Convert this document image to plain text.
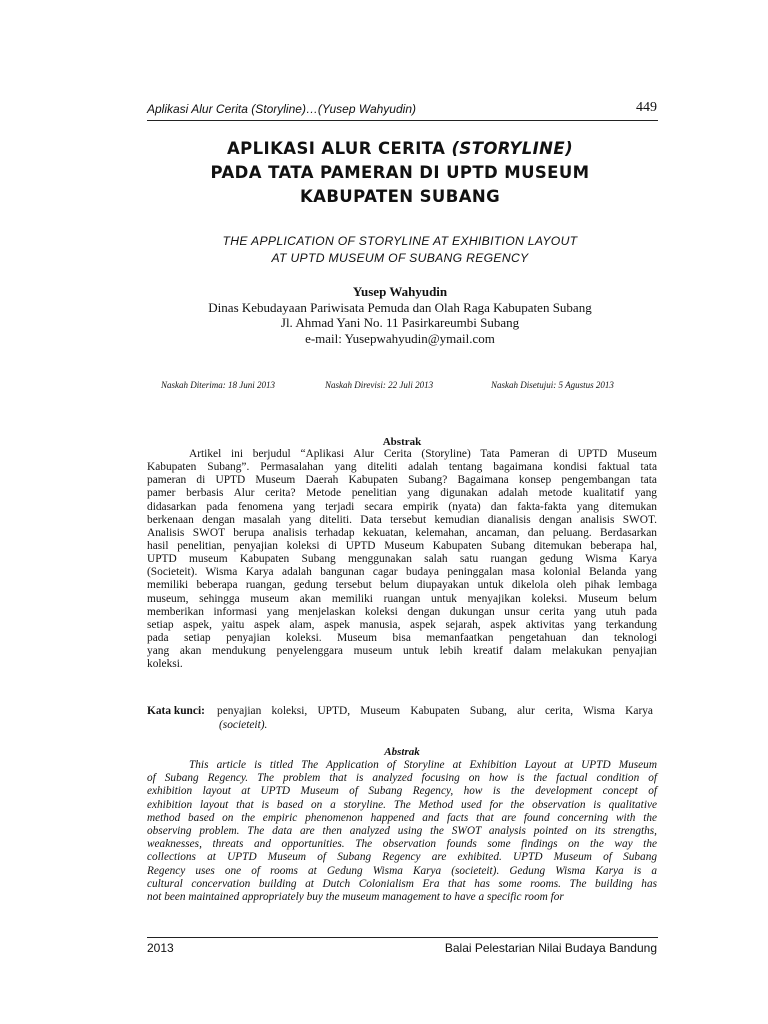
Aplikasi Alur Cerita (Storyline)…(Yusep Wahyudin)	449
APLIKASI ALUR CERITA (STORYLINE)
PADA TATA PAMERAN DI UPTD MUSEUM
KABUPATEN SUBANG
THE APPLICATION OF STORYLINE AT EXHIBITION LAYOUT
AT UPTD MUSEUM OF SUBANG REGENCY
Yusep Wahyudin
Dinas Kebudayaan Pariwisata Pemuda dan Olah Raga Kabupaten Subang
Jl. Ahmad Yani No. 11 Pasirkareumbi Subang
e-mail: Yusepwahyudin@ymail.com
Naskah Diterima: 18 Juni 2013	Naskah Direvisi: 22 Juli 2013	Naskah Disetujui: 5 Agustus 2013
Abstrak
Artikel ini berjudul “Aplikasi Alur Cerita (Storyline) Tata Pameran di UPTD Museum
Kabupaten Subang”. Permasalahan yang diteliti adalah tentang bagaimana kondisi faktual tata
pameran di UPTD Museum Daerah Kabupaten Subang? Bagaimana konsep pengembangan tata
pamer berbasis Alur cerita? Metode penelitian yang digunakan adalah metode kualitatif yang
didasarkan pada fenomena yang terjadi secara empirik (nyata) dan fakta-fakta yang ditemukan
berkenaan dengan masalah yang diteliti. Data tersebut kemudian dianalisis dengan analisis SWOT.
Analisis SWOT berupa analisis terhadap kekuatan, kelemahan, ancaman, dan peluang. Berdasarkan
hasil penelitian, penyajian koleksi di UPTD Museum Kabupaten Subang ditemukan beberapa hal,
UPTD museum Kabupaten Subang menggunakan salah satu ruangan gedung Wisma Karya
(Societeit). Wisma Karya adalah bangunan cagar budaya peninggalan masa kolonial Belanda yang
memiliki beberapa ruangan, gedung tersebut belum diupayakan untuk dikelola oleh pihak lembaga
museum, sehingga museum akan memiliki ruangan untuk menyajikan koleksi. Museum belum
memberikan informasi yang menjelaskan koleksi dengan dukungan unsur cerita yang utuh pada
setiap aspek, yaitu aspek alam, aspek manusia, aspek sejarah, aspek aktivitas yang terkandung
pada setiap penyajian koleksi. Museum bisa memanfaatkan pengetahuan dan teknologi
yang akan mendukung penyelenggara museum untuk lebih kreatif dalam melakukan penyajian
koleksi.
Kata kunci: penyajian koleksi, UPTD, Museum Kabupaten Subang, alur cerita, Wisma Karya
(societeit).
Abstrak
This article is titled The Application of Storyline at Exhibition Layout at UPTD Museum
of Subang Regency. The problem that is analyzed focusing on how is the factual condition of
exhibition layout at UPTD Museum of Subang Regency, how is the development concept of
exhibition layout that is based on a storyline. The Method used for the observation is qualitative
method based on the empiric phenomenon happened and facts that are found concerning with the
observing problem. The data are then analyzed using the SWOT analysis pointed on its strengths,
weaknesses, threats and opportunities. The observation founds some findings on the way the
collections at UPTD Museum of Subang Regency are exhibited. UPTD Museum of Subang
Regency uses one of rooms at Gedung Wisma Karya (societeit). Gedung Wisma Karya is a
cultural concervation building at Dutch Colonialism Era that has some rooms. The building has
not been maintained appropriately buy the museum management to have a specific room for
2013	Balai Pelestarian Nilai Budaya Bandung
